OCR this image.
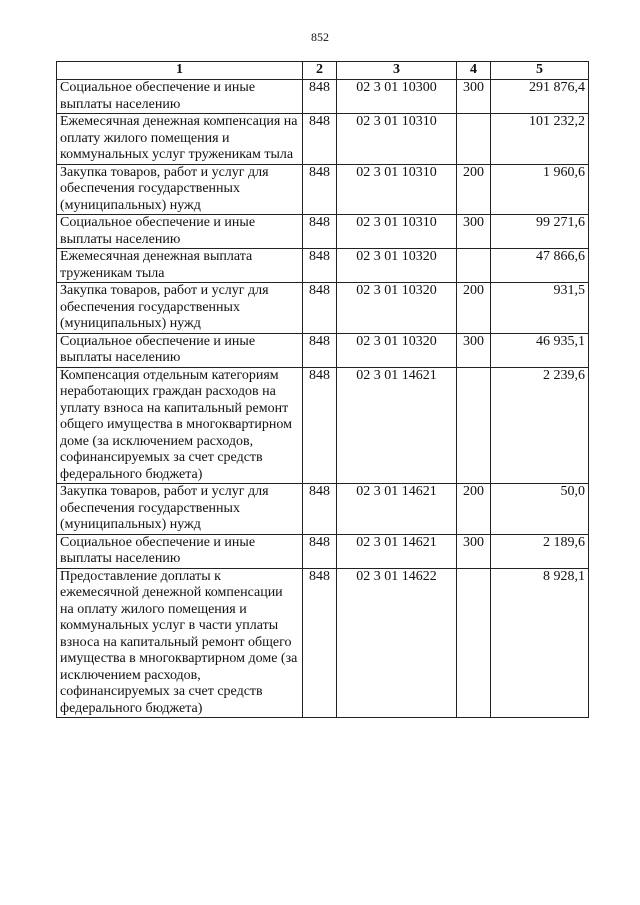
852
1	2	3	4	5
Социальное обеспечение и иные выплаты населению	848	02 3 01 10300	300	291 876,4
Ежемесячная денежная компенсация на оплату жилого помещения и коммунальных услуг труженикам тыла	848	02 3 01 10310		101 232,2
Закупка товаров, работ и услуг для обеспечения государственных (муниципальных) нужд	848	02 3 01 10310	200	1 960,6
Социальное обеспечение и иные выплаты населению	848	02 3 01 10310	300	99 271,6
Ежемесячная денежная выплата труженикам тыла	848	02 3 01 10320		47 866,6
Закупка товаров, работ и услуг для обеспечения государственных (муниципальных) нужд	848	02 3 01 10320	200	931,5
Социальное обеспечение и иные выплаты населению	848	02 3 01 10320	300	46 935,1
Компенсация отдельным категориям неработающих граждан расходов на уплату взноса на капитальный ремонт общего имущества в многоквартирном доме (за исключением расходов, софинансируемых за счет средств федерального бюджета)	848	02 3 01 14621		2 239,6
Закупка товаров, работ и услуг для обеспечения государственных (муниципальных) нужд	848	02 3 01 14621	200	50,0
Социальное обеспечение и иные выплаты населению	848	02 3 01 14621	300	2 189,6
Предоставление доплаты к ежемесячной денежной компенсации на оплату жилого помещения и коммунальных услуг в части уплаты взноса на капитальный ремонт общего имущества в многоквартирном доме (за исключением расходов, софинансируемых за счет средств федерального бюджета)	848	02 3 01 14622		8 928,1
